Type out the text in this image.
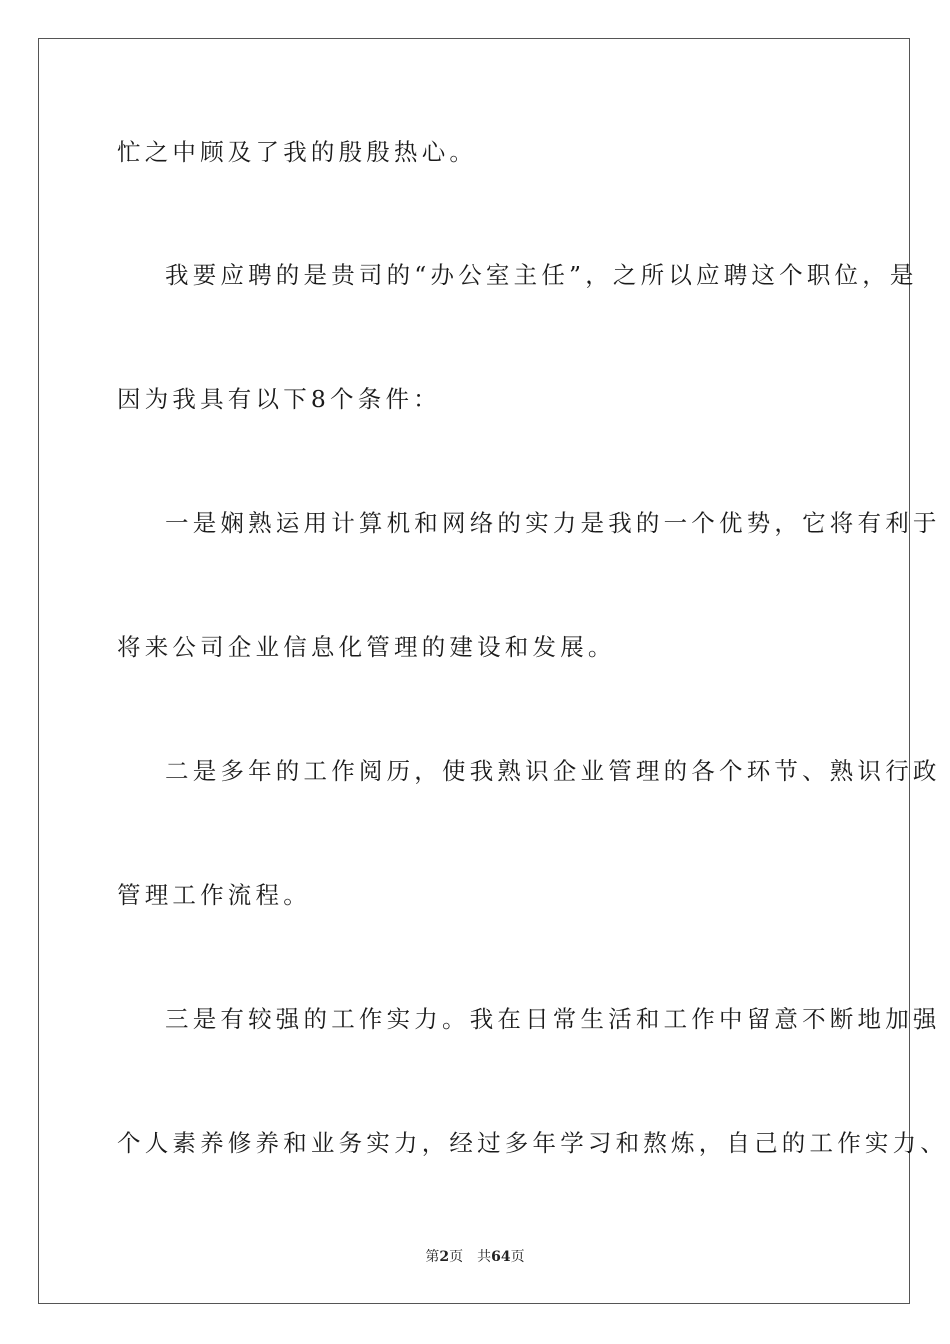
忙之中顾及了我的殷殷热心。
我要应聘的是贵司的“办公室主任”，之所以应聘这个职位，是
因为我具有以下8个条件：
一是娴熟运用计算机和网络的实力是我的一个优势，它将有利于
将来公司企业信息化管理的建设和发展。
二是多年的工作阅历，使我熟识企业管理的各个环节、熟识行政
管理工作流程。
三是有较强的工作实力。我在日常生活和工作中留意不断地加强
个人素养修养和业务实力，经过多年学习和熬炼，自己的工作实力、
第2页 共64页
